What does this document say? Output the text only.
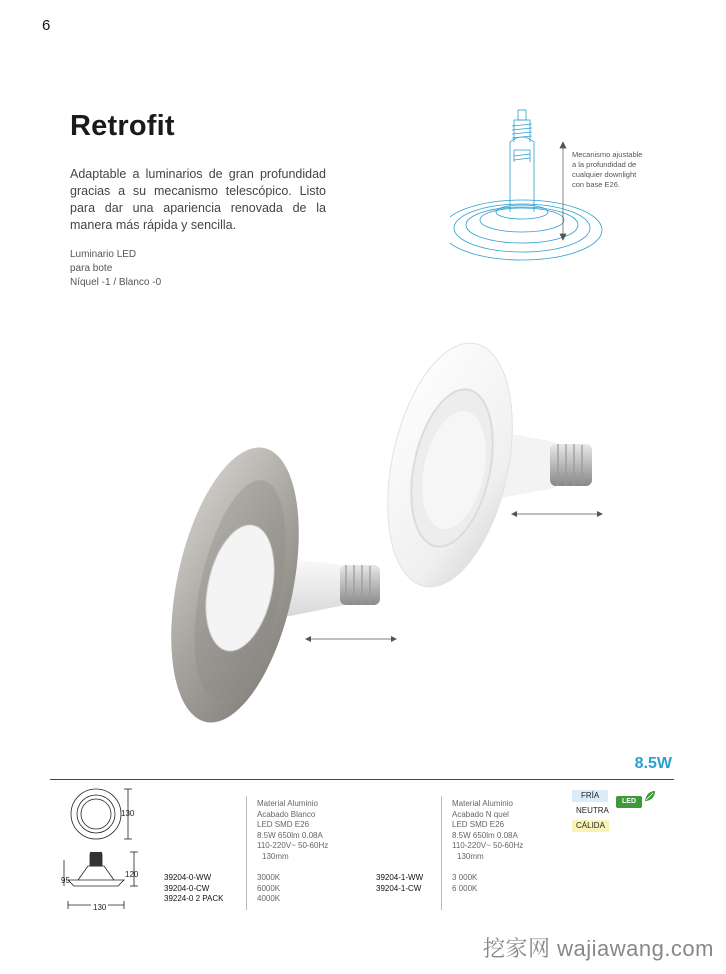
6
Retrofit
Adaptable a luminarios de gran profundidad gracias a su mecanismo telescópico. Listo para dar una apariencia renovada de la manera más rápida y sencilla.
Luminario LED
para bote
Níquel -1 / Blanco -0
Mecanismo ajustable
a la profundidad de
cualquier downlight
con base E26.
8.5W
130
120
95
130
Material Aluminio
Acabado Blanco
LED SMD E26
8.5W 650lm 0.08A
110-220V~ 50-60Hz
130mm
39204-0-WW
39204-0-CW
39224-0 2 PACK
3000K
6000K
4000K
Material Aluminio
Acabado N quel
LED SMD E26
8.5W 650lm 0.08A
110-220V~ 50-60Hz
130mm
39204-1-WW
39204-1-CW
3 000K
6 000K
FRÍA
LED
NEUTRA
CÁLIDA
挖家网 wajiawang.com
